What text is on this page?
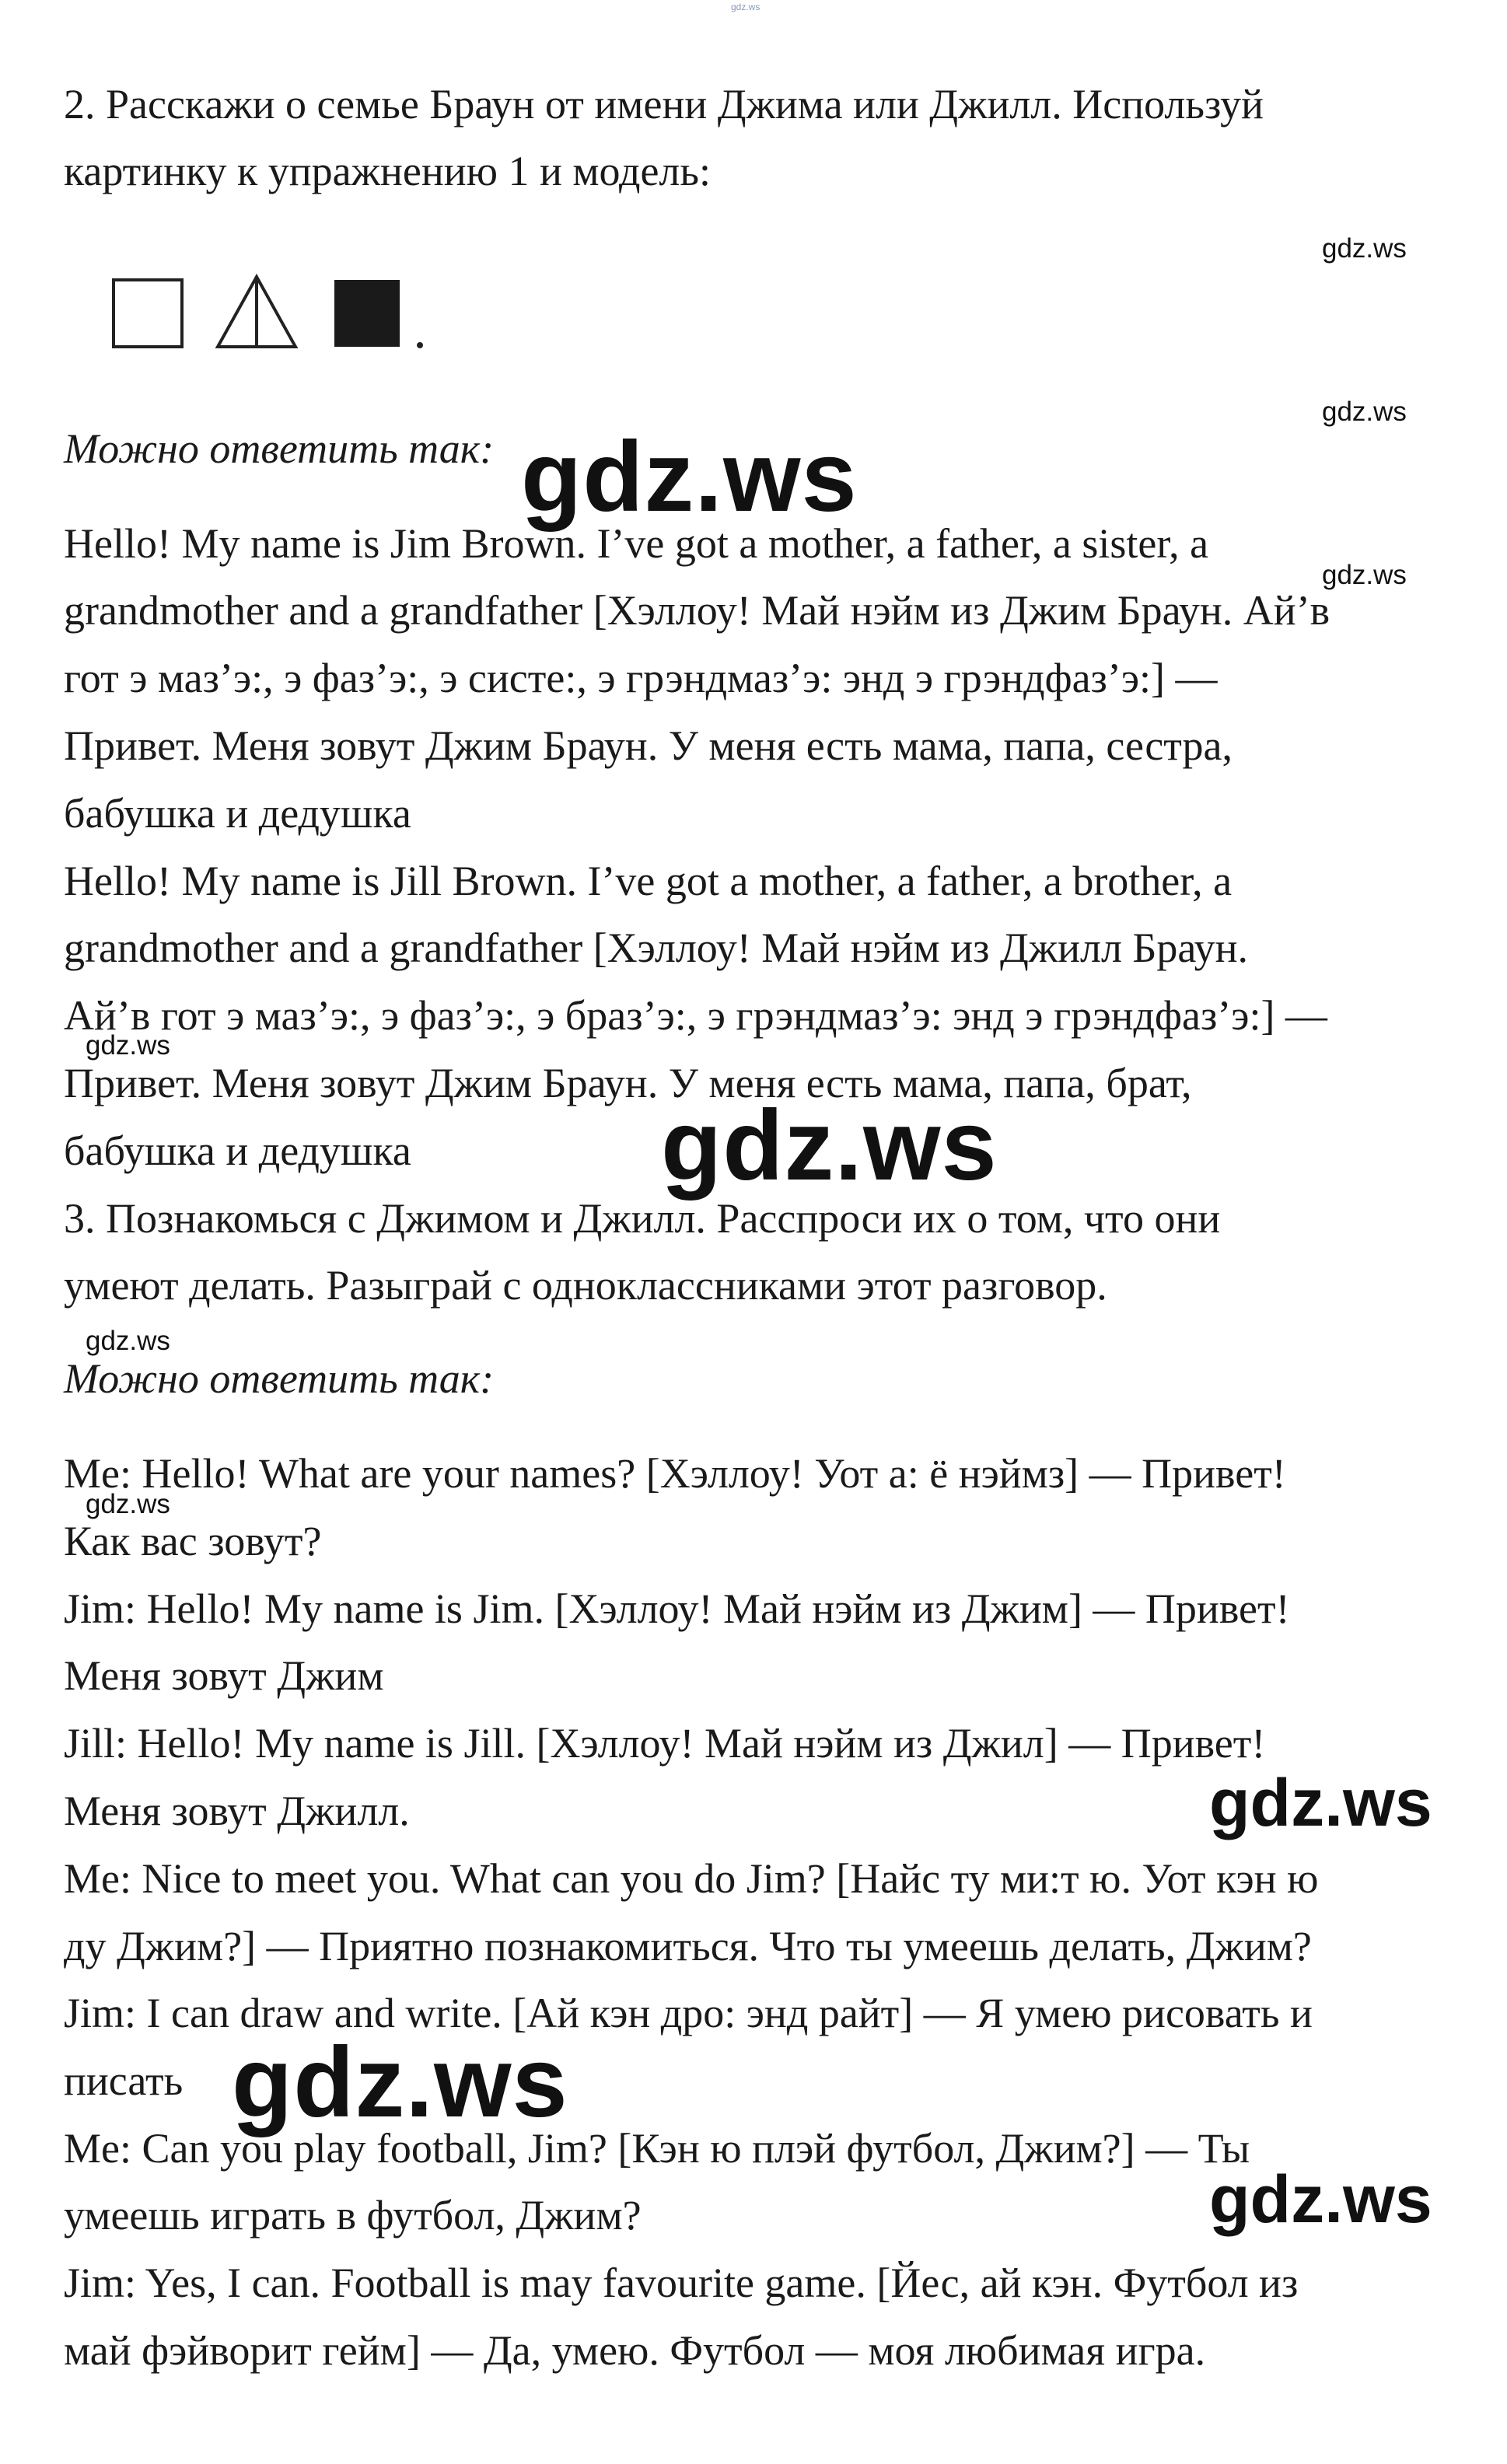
gdz.ws
2. Расскажи о семье Браун от имени Джима или Джилл. Используй
картинку к упражнению 1 и модель:
gdz.ws
gdz.ws
Можно ответить так: gdz.ws
Hello! My name is Jim Brown. I’ve got a mother, a father, a sister, a
gdz.ws
grandmother and a grandfather [Хэллоу! Май нэйм из Джим Браун. Ай’в
гот э маз’э:, э фаз’э:, э систе:, э грэндмаз’э: энд э грэндфаз’э:] —
Привет. Меня зовут Джим Браун. У меня есть мама, папа, сестра,
бабушка и дедушка
Hello! My name is Jill Brown. I’ve got a mother, a father, a brother, a
grandmother and a grandfather [Хэллоу! Май нэйм из Джилл Браун.
Ай’в гот э маз’э:, э фаз’э:, э браз’э:, э грэндмаз’э: энд э грэндфаз’э:] —
gdz.ws
Привет. Меня зовут Джим Браун. У меня есть мама, папа, брат,
бабушка и дедушка	gdz.ws
3. Познакомься с Джимом и Джилл. Расспроси их о том, что они
умеют делать. Разыграй с одноклассниками этот разговор.
gdz.ws
Можно ответить так:
Me: Hello! What are your names? [Хэллоу! Уот а: ё нэймз] — Привет!
gdz.ws
Как вас зовут?
Jim: Hello! My name is Jim. [Хэллоу! Май нэйм из Джим] — Привет!
Меня зовут Джим
Jill: Hello! My name is Jill. [Хэллоу! Май нэйм из Джил] — Привет!
Меня зовут Джилл.	gdz.ws
Me: Nice to meet you. What can you do Jim? [Найс ту ми:т ю. Уот кэн ю
ду Джим?] — Приятно познакомиться. Что ты умеешь делать, Джим?
Jim: I can draw and write. [Ай кэн дро: энд райт] — Я умею рисовать и
писать gdz.ws
Me: Can you play football, Jim? [Кэн ю плэй футбол, Джим?] — Ты
умеешь играть в футбол, Джим?	gdz.ws
Jim: Yes, I can. Football is may favourite game. [Йес, ай кэн. Футбол из
май фэйворит гейм] — Да, умею. Футбол — моя любимая игра.
